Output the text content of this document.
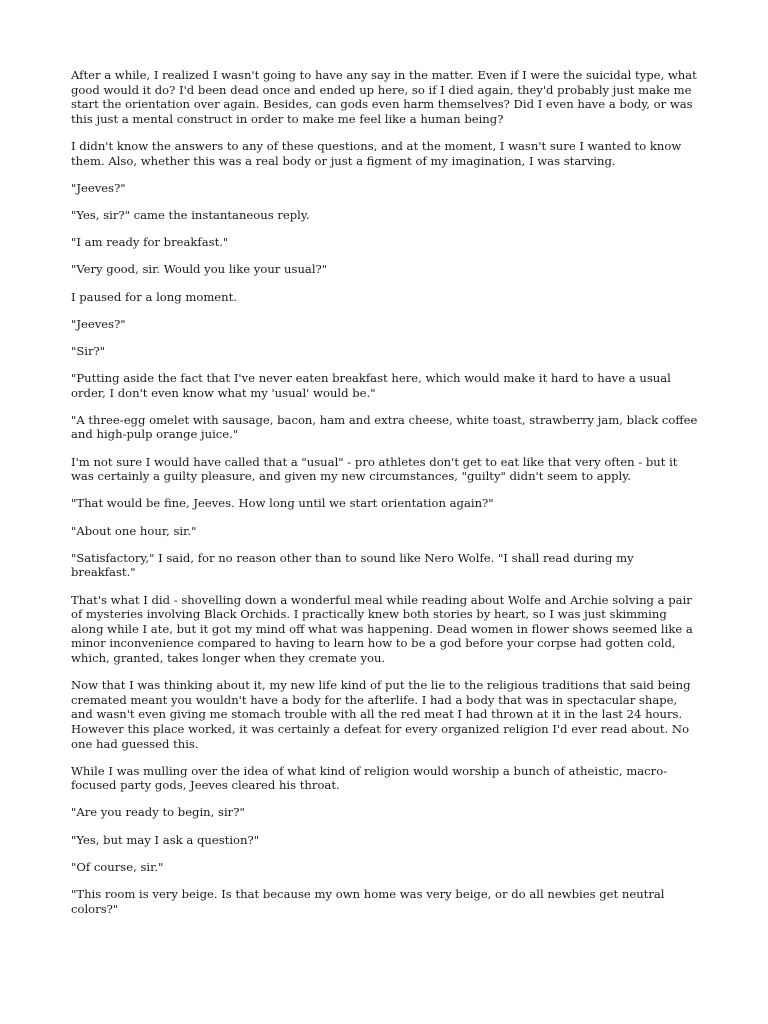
After a while, I realized I wasn't going to have any say in the matter. Even if I were the suicidal type, what good would it do? I'd been dead once and ended up here, so if I died again, they'd probably just make me start the orientation over again. Besides, can gods even harm themselves? Did I even have a body, or was this just a mental construct in order to make me feel like a human being?

I didn't know the answers to any of these questions, and at the moment, I wasn't sure I wanted to know them. Also, whether this was a real body or just a figment of my imagination, I was starving.

"Jeeves?"

"Yes, sir?" came the instantaneous reply.

"I am ready for breakfast."

"Very good, sir. Would you like your usual?"

I paused for a long moment.

"Jeeves?"

"Sir?"

"Putting aside the fact that I've never eaten breakfast here, which would make it hard to have a usual order, I don't even know what my 'usual' would be."

"A three-egg omelet with sausage, bacon, ham and extra cheese, white toast, strawberry jam, black coffee and high-pulp orange juice."

I'm not sure I would have called that a "usual" - pro athletes don't get to eat like that very often - but it was certainly a guilty pleasure, and given my new circumstances, "guilty" didn't seem to apply.

"That would be fine, Jeeves. How long until we start orientation again?"

"About one hour, sir."

"Satisfactory," I said, for no reason other than to sound like Nero Wolfe. "I shall read during my breakfast."

That's what I did - shovelling down a wonderful meal while reading about Wolfe and Archie solving a pair of mysteries involving Black Orchids. I practically knew both stories by heart, so I was just skimming along while I ate, but it got my mind off what was happening. Dead women in flower shows seemed like a minor inconvenience compared to having to learn how to be a god before your corpse had gotten cold, which, granted, takes longer when they cremate you.

Now that I was thinking about it, my new life kind of put the lie to the religious traditions that said being cremated meant you wouldn't have a body for the afterlife. I had a body that was in spectacular shape, and wasn't even giving me stomach trouble with all the red meat I had thrown at it in the last 24 hours. However this place worked, it was certainly a defeat for every organized religion I'd ever read about. No one had guessed this.

While I was mulling over the idea of what kind of religion would worship a bunch of atheistic, macro-focused party gods, Jeeves cleared his throat.

"Are you ready to begin, sir?"

"Yes, but may I ask a question?"

"Of course, sir."

"This room is very beige. Is that because my own home was very beige, or do all newbies get neutral colors?"
